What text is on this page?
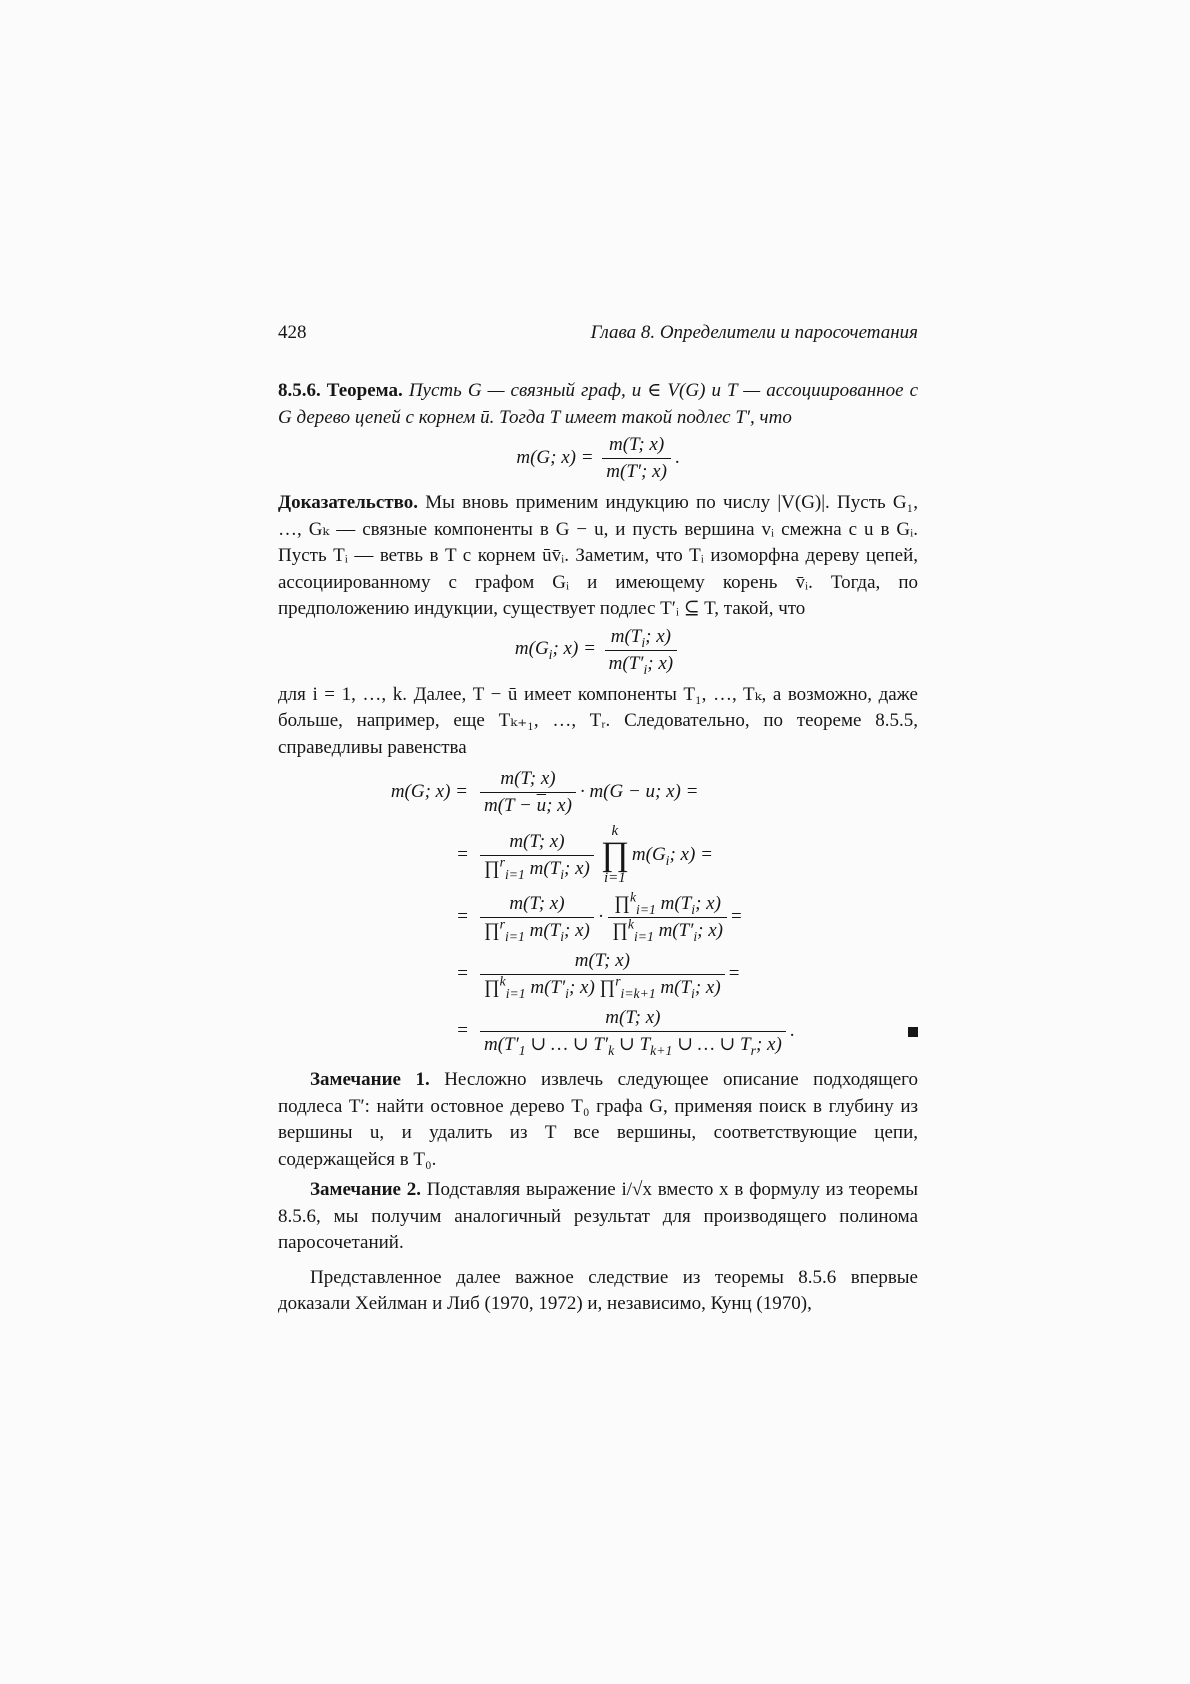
428	Глава 8. Определители и паросочетания

8.5.6. Теорема. Пусть G — связный граф, u ∈ V(G) и T — ассоциированное с G дерево цепей с корнем ū. Тогда T имеет такой подлес T′, что

m(G; $x) = \frac{m(T; x)}{m(T'; x)}$ .

Доказательство. Мы вновь применим индукцию по числу |V(G)|. Пусть G₁, …, Gₖ — связные компоненты в G − u, и пусть вершина vᵢ смежна с u в Gᵢ. Пусть Tᵢ — ветвь в T с корнем ūv̄ᵢ. Заметим, что Tᵢ изоморфна дереву цепей, ассоциированному с графом Gᵢ и имеющему корень v̄ᵢ. Тогда, по предположению индукции, существует подлес T′ᵢ ⊆ T, такой, что

$m(G_i$; $x) = \frac{m(T_i; x)}{m(T'_i; x)}$

для i = 1, …, k. Далее, T − ū имеет компоненты T₁, …, Tₖ, а возможно, даже больше, например, еще Tₖ₊₁, …, Tᵣ. Следовательно, по теореме 8.5.5, справедливы равенства

m(G; $x) = \frac{m(T; x)}{m(T - \overline{u}; x)} \cdot m(G - u$; x) =
= $\frac{m(T; x)}{\prod^r_{i=1} m(T_i; x)}$ k
∏
i=1
$m(G_i$; x) =
= $\frac{m(T; x)}{\prod^r_{i=1} m(T_i; x)} \cdot \frac{\prod^k_{i=1} m(T_i; x)}{\prod^k_{i=1} m(T'_i; x)}$ =
= $\frac{m(T; x)}{\prod^k_{i=1} m(T'_i; x) \prod^r_{i=k+1} m(T_i; x)}$ =
= $\frac{m(T; x)}{m(T'_1 \cup \dots \cup T'_k \cup T_{k+1} \cup \dots \cup T_r; x)}$ .

Замечание 1. Несложно извлечь следующее описание подходящего подлеса T′: найти остовное дерево T₀ графа G, применяя поиск в глубину из вершины u, и удалить из T все вершины, соответствующие цепи, содержащейся в T₀.

Замечание 2. Подставляя выражение i/√x вместо x в формулу из теоремы 8.5.6, мы получим аналогичный результат для производящего полинома паросочетаний.

Представленное далее важное следствие из теоремы 8.5.6 впервые доказали Хейлман и Либ (1970, 1972) и, независимо, Кунц (1970),
